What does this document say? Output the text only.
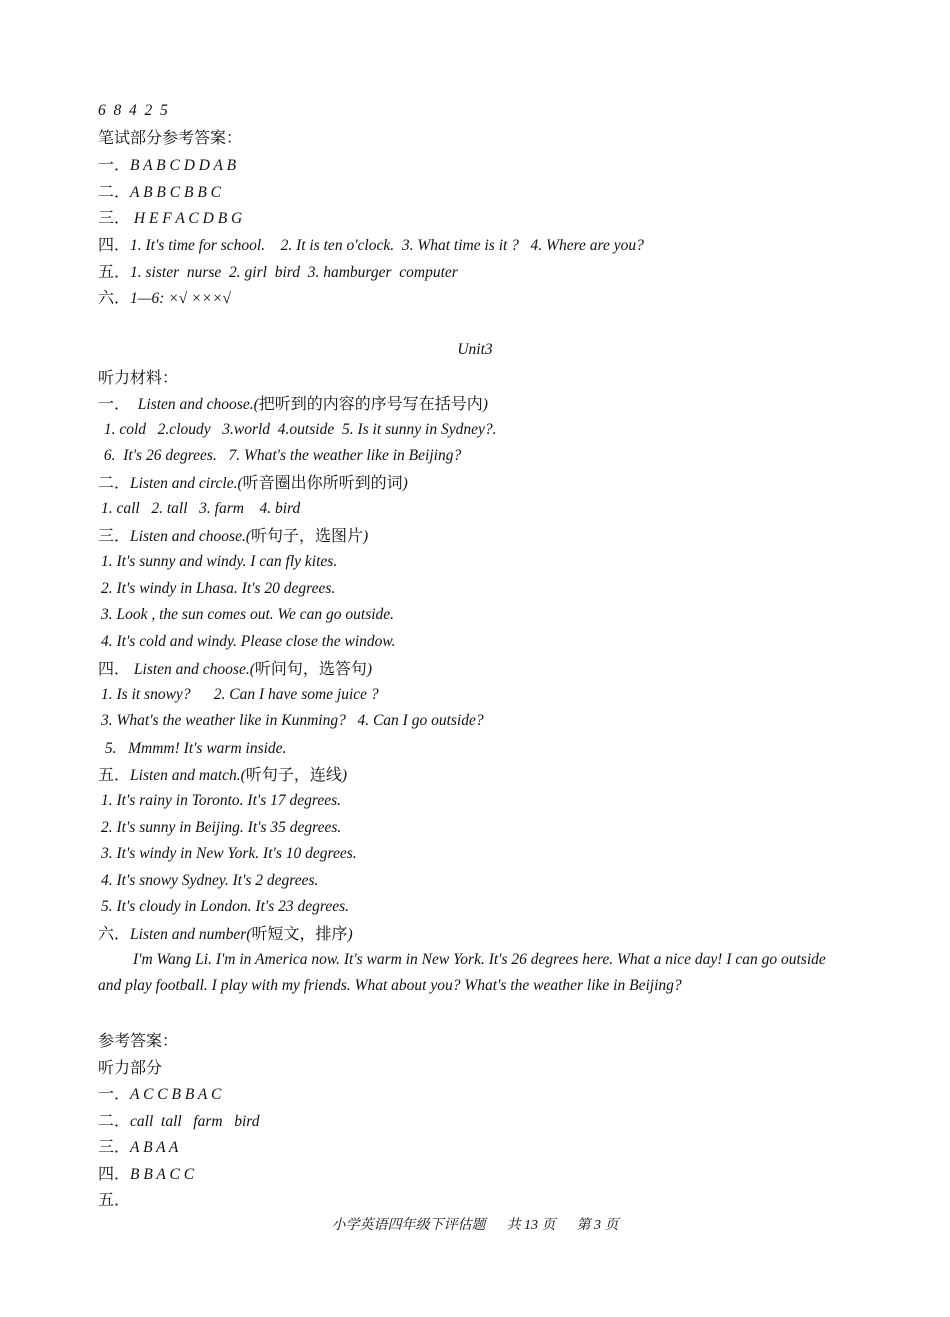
6  8  4  2  5
笔试部分参考答案：
一．B A B C D D A B
二．A B B C B B C
三． H E F A C D B G
四．1. It's time for school.    2. It is ten o'clock.  3. What time is it ?   4. Where are you?
五．1. sister  nurse  2. girl  bird  3. hamburger  computer
六．1—6: ×√ ×××√
Unit3
听力材料：
一．  Listen and choose.(把听到的内容的序号写在括号内)
1. cold   2.cloudy   3.world  4.outside  5. Is it sunny in Sydney?.
6.  It's 26 degrees.   7. What's the weather like in Beijing?
二．Listen and circle.(听音圈出你所听到的词)
1. call   2. tall   3. farm    4. bird
三．Listen and choose.(听句子，选图片)
1. It's sunny and windy. I can fly kites.
2. It's windy in Lhasa. It's 20 degrees.
3. Look , the sun comes out. We can go outside.
4. It's cold and windy. Please close the window.
四． Listen and choose.(听问句，选答句)
1. Is it snowy?      2. Can I have some juice ?
3. What's the weather like in Kunming?   4. Can I go outside?
5.   Mmmm! It's warm inside.
五．Listen and match.(听句子，连线)
1. It's rainy in Toronto. It's 17 degrees.
2. It's sunny in Beijing. It's 35 degrees.
3. It's windy in New York. It's 10 degrees.
4. It's snowy Sydney. It's 2 degrees.
5. It's cloudy in London. It's 23 degrees.
六．Listen and number(听短文，排序)
I'm Wang Li. I'm in America now. It's warm in New York. It's 26 degrees here. What a nice day! I can go outside
and play football. I play with my friends. What about you? What's the weather like in Beijing?
参考答案：
听力部分
一．A C C B B A C
二．call  tall   farm   bird
三．A B A A
四．B B A C C
五．
小学英语四年级下评估题      共 13 页      第 3 页
